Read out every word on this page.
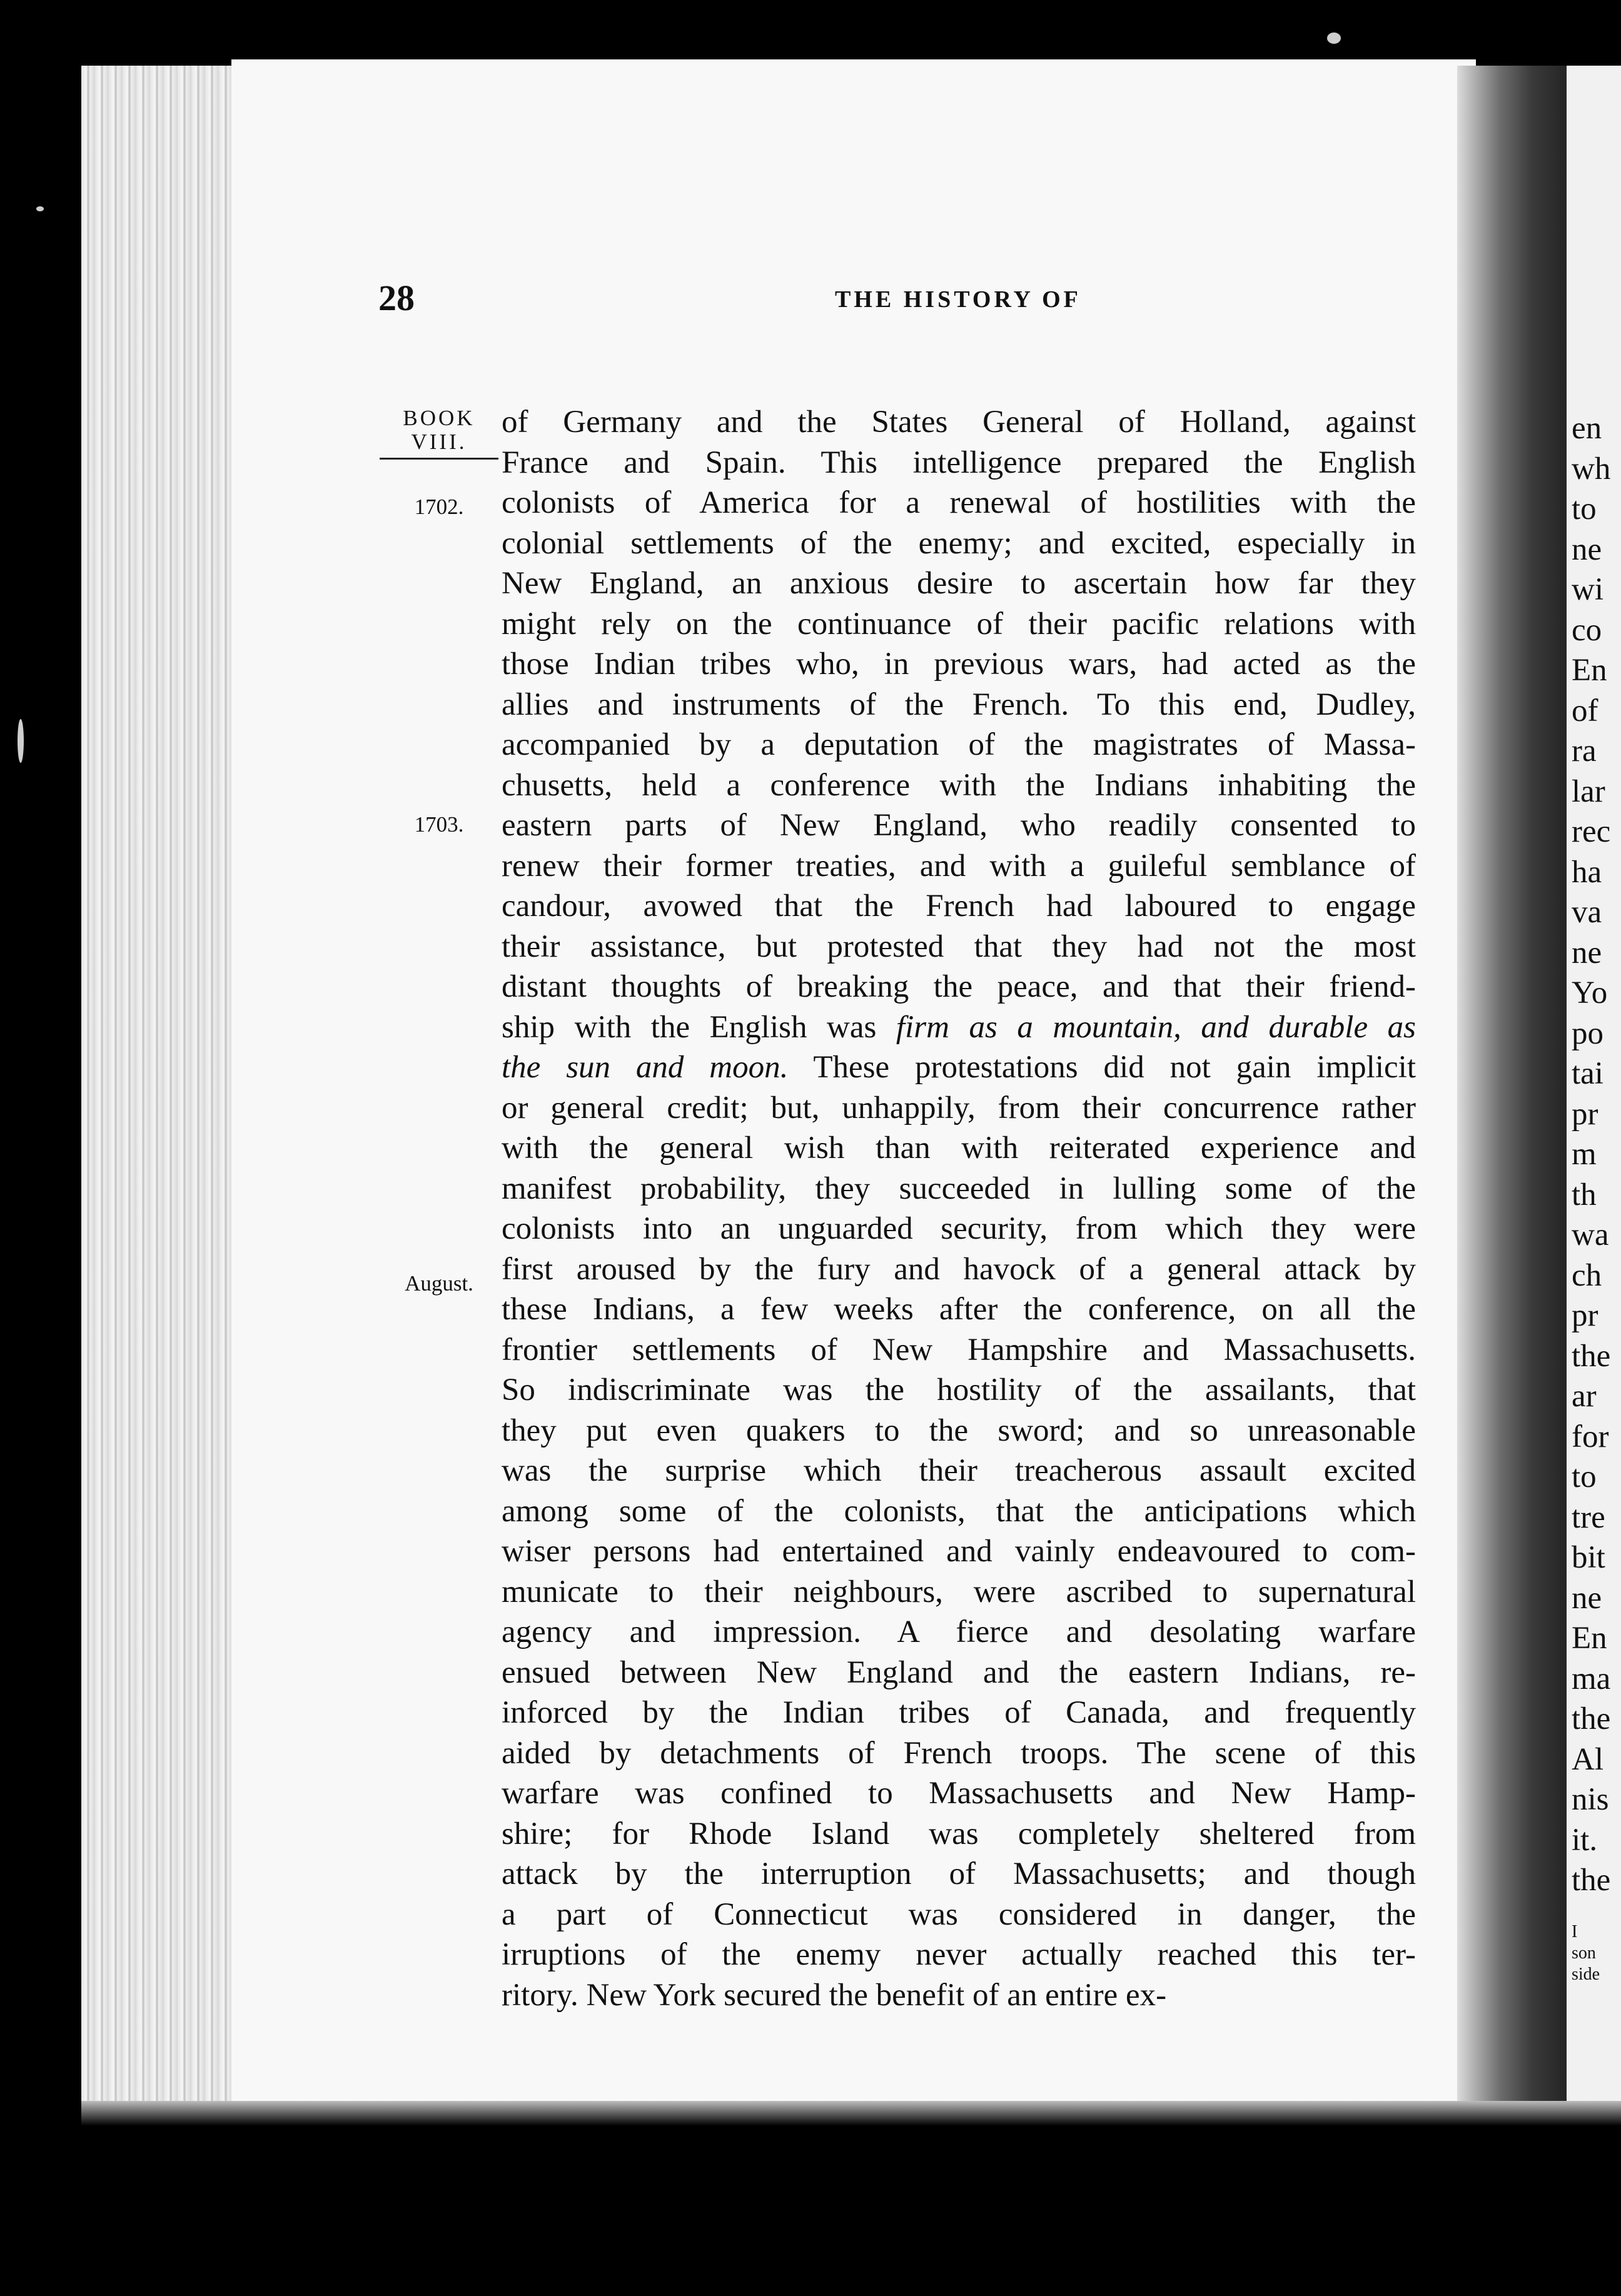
28	THE HISTORY OF
BOOK
VIII.
1702.
1703.
August.
of Germany and the States General of Holland, against
France and Spain. This intelligence prepared the English
colonists of America for a renewal of hostilities with the
colonial settlements of the enemy; and excited, especially in
New England, an anxious desire to ascertain how far they
might rely on the continuance of their pacific relations with
those Indian tribes who, in previous wars, had acted as the
allies and instruments of the French. To this end, Dudley,
accompanied by a deputation of the magistrates of Massa-
chusetts, held a conference with the Indians inhabiting the
eastern parts of New England, who readily consented to
renew their former treaties, and with a guileful semblance of
candour, avowed that the French had laboured to engage
their assistance, but protested that they had not the most
distant thoughts of breaking the peace, and that their friend-
ship with the English was firm as a mountain, and durable as
the sun and moon. These protestations did not gain implicit
or general credit; but, unhappily, from their concurrence rather
with the general wish than with reiterated experience and
manifest probability, they succeeded in lulling some of the
colonists into an unguarded security, from which they were
first aroused by the fury and havock of a general attack by
these Indians, a few weeks after the conference, on all the
frontier settlements of New Hampshire and Massachusetts.
So indiscriminate was the hostility of the assailants, that
they put even quakers to the sword; and so unreasonable
was the surprise which their treacherous assault excited
among some of the colonists, that the anticipations which
wiser persons had entertained and vainly endeavoured to com-
municate to their neighbours, were ascribed to supernatural
agency and impression. A fierce and desolating warfare
ensued between New England and the eastern Indians, re-
inforced by the Indian tribes of Canada, and frequently
aided by detachments of French troops. The scene of this
warfare was confined to Massachusetts and New Hamp-
shire; for Rhode Island was completely sheltered from
attack by the interruption of Massachusetts; and though
a part of Connecticut was considered in danger, the
irruptions of the enemy never actually reached this ter-
ritory. New York secured the benefit of an entire ex-
en
wh
to
ne
wi
co
En
of
ra
lar
rec
ha
va
ne
Yo
po
tai
pr
m
th
wa
ch
pr
the
ar
for
to
tre
bit
ne
En
ma
the
Al
nis
it.
the
I
son
side
